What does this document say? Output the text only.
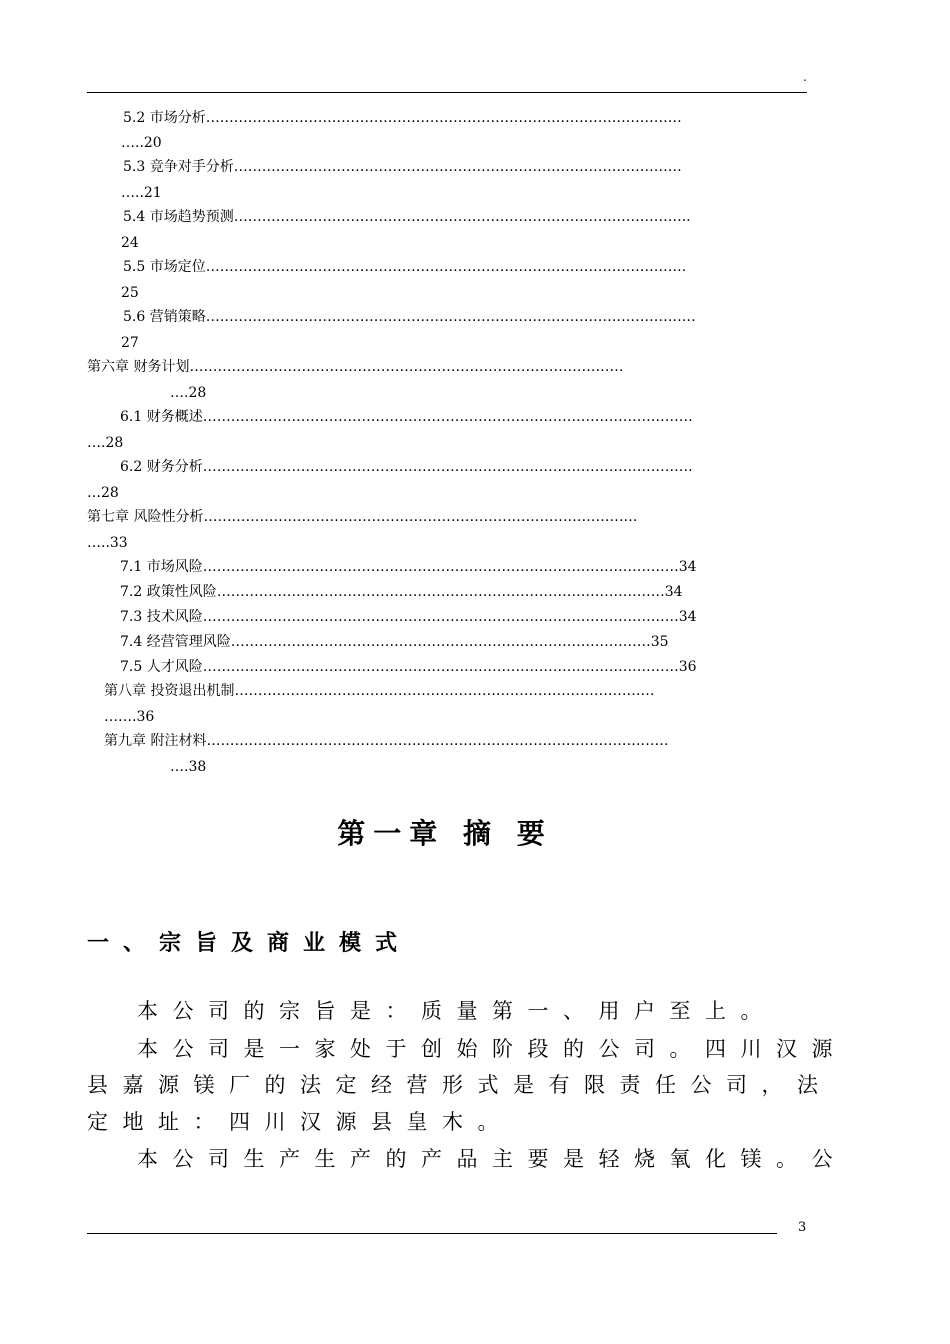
.
5.2 市场分析…………………………………………………………………………………………
…..20
5.3 竞争对手分析……………………………………………………………………………………
…..21
5.4 市场趋势预测……………………………………………………………………………………..
24
5.5 市场定位………………………………………………………………………………………….
25
5.6 营销策略……………………………………………………………………………………………
27
第六章 财务计划…………………………………………………………………………………
….28
6.1 财务概述……………………………………………………………………………………………
….28
6.2 财务分析……………………………………………………………………………………………
…28
第七章 风险性分析…………………………………………………………………………………
…..33
7.1 市场风险…………………………………………………………………………………………34
7.2 政策性风险……………………………………………………………………………………34
7.3 技术风险…………………………………………………………………………………………34
7.4 经营管理风险………………………………………………………………………………35
7.5 人才风险…………………………………………………………………………………………36
第八章 投资退出机制………………………………………………………………………………
…….36
第九章 附注材料………………………………………………………………………………………
….38
第一章 摘 要
一、宗旨及商业模式
本公司的宗旨是：质量第一、用户至上。
本公司是一家处于创始阶段的公司。四川汉源
县嘉源镁厂的法定经营形式是有限责任公司，法
定地址：四川汉源县皇木。
本公司生产生产的产品主要是轻烧氧化镁。公
3
